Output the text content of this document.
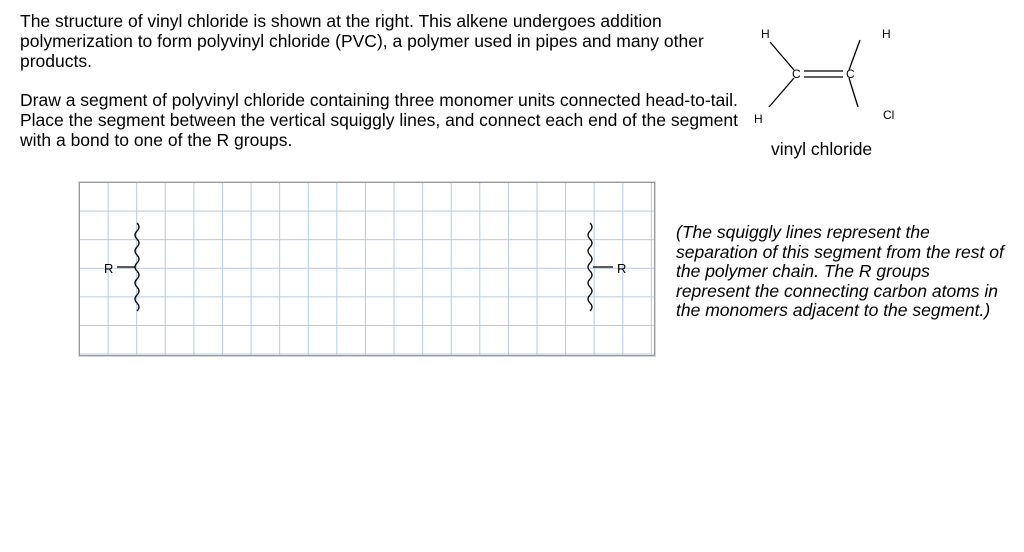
The structure of vinyl chloride is shown at the right. This alkene undergoes addition polymerization to form polyvinyl chloride (PVC), a polymer used in pipes and many other products.

Draw a segment of polyvinyl chloride containing three monomer units connected head-to-tail. Place the segment between the vertical squiggly lines, and connect each end of the segment with a bond to one of the R groups.

H	H
C	C
H	Cl
vinyl chloride
R	R

(The squiggly lines represent the separation of this segment from the rest of the polymer chain. The R groups represent the connecting carbon atoms in the monomers adjacent to the segment.)
